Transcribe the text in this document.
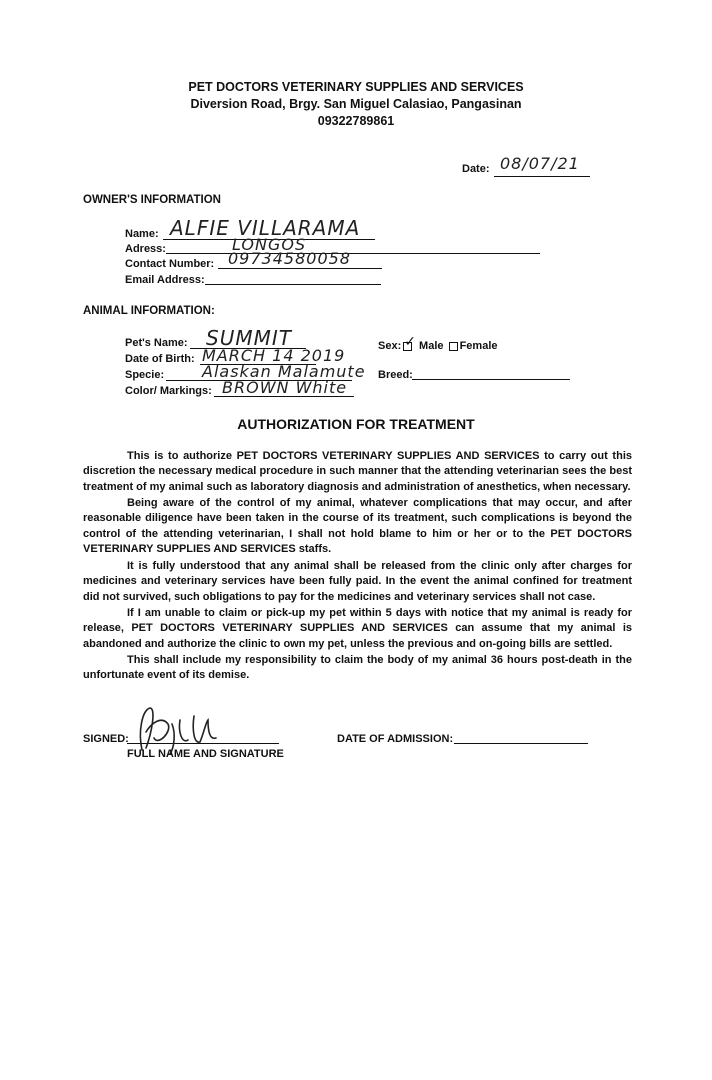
PET DOCTORS VETERINARY SUPPLIES AND SERVICES
Diversion Road, Brgy. San Miguel Calasiao, Pangasinan
09322789861
Date: 08/07/21
OWNER'S INFORMATION
Name: ALFIE VILLARAMA
Adress:	LONGOS
Contact Number: 09734580058
Email Address:
ANIMAL INFORMATION:
Pet's Name: SUMMIT
Date of Birth: MARCH 14 2019
Specie: Alaskan Malamute
Color/ Markings: BROWN White
Sex: ✓ Male Female
Breed:
AUTHORIZATION FOR TREATMENT

This is to authorize PET DOCTORS VETERINARY SUPPLIES AND SERVICES to carry out this discretion the necessary medical procedure in such manner that the attending veterinarian sees the best treatment of my animal such as laboratory diagnosis and administration of anesthetics, when necessary.

Being aware of the control of my animal, whatever complications that may occur, and after reasonable diligence have been taken in the course of its treatment, such complications is beyond the control of the attending veterinarian, I shall not hold blame to him or her or to the PET DOCTORS VETERINARY SUPPLIES AND SERVICES staffs.

It is fully understood that any animal shall be released from the clinic only after charges for medicines and veterinary services have been fully paid. In the event the animal confined for treatment did not survived, such obligations to pay for the medicines and veterinary services shall not case.

If I am unable to claim or pick-up my pet within 5 days with notice that my animal is ready for release, PET DOCTORS VETERINARY SUPPLIES AND SERVICES can assume that my animal is abandoned and authorize the clinic to own my pet, unless the previous and on-going bills are settled.

This shall include my responsibility to claim the body of my animal 36 hours post-death in the unfortunate event of its demise.

SIGNED:
FULL NAME AND SIGNATURE
DATE OF ADMISSION:
